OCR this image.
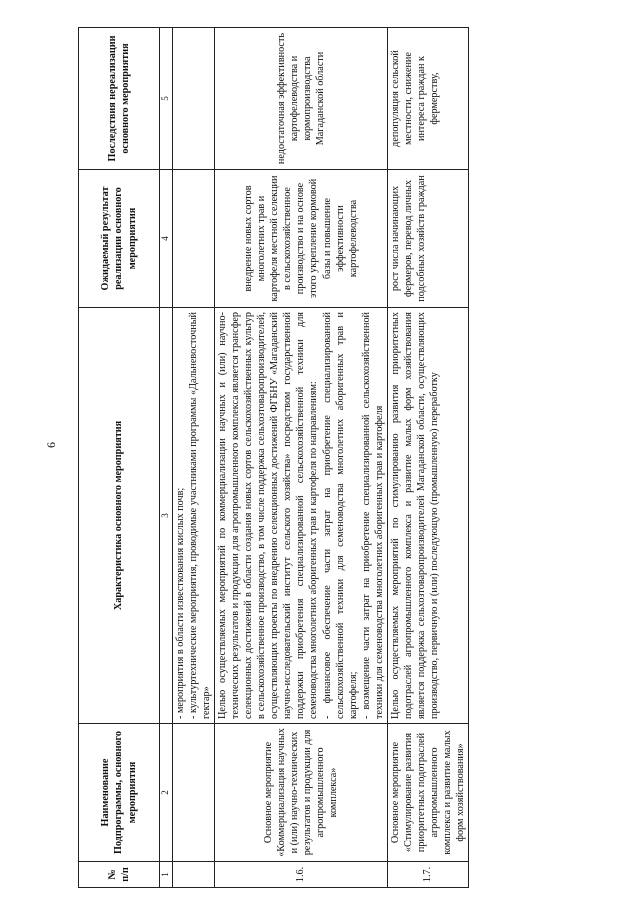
6
№ п/п	Наименование Подпрограммы, основного мероприятия	Характеристика основного мероприятия	Ожидаемый результат реализации основного мероприятия	Последствия нереализации основного мероприятия
1	2	3	4	5

		- мероприятия в области известкования кислых почв; - культуртехнические мероприятия, проводимые участниками программы «Дальневосточный гектар»		

1.6.	Основное мероприятие «Коммерциализация научных и (или) научно-технических результатов и продукции для агропромышленного комплекса»	Целью осуществляемых мероприятий по коммерциализации научных и (или) научно-технических результатов и продукции для агропромышленного комплекса является трансфер селекционных достижений в области создания новых сортов сельскохозяйственных культур в сельскохозяйственное производство, в том числе поддержка сельхозтоваропроизводителей, осуществляющих проекты по внедрению селекционных достижений ФГБНУ «Магаданский научно-исследовательский институт сельского хозяйства» посредством государственной поддержки приобретения специализированной сельскохозяйственной техники для семеноводства многолетних аборигенных трав и картофеля по направлениям: - финансовое обеспечение части затрат на приобретение специализированной сельскохозяйственной техники для семеноводства многолетних аборигенных трав и картофеля; - возмещение части затрат на приобретение специализированной сельскохозяйственной техники для семеноводства многолетних аборигенных трав и картофеля	внедрение новых сортов многолетних трав и картофеля местной селекции в сельскохозяйственное производство и на основе этого укрепление кормовой базы и повышение эффективности картофелеводства	недостаточная эффективность картофелеводства и кормопроизводства Магаданской области
1.7.	Основное мероприятие «Стимулирование развития приоритетных подотраслей агропромышленного комплекса и развитие малых форм хозяйствования»	Целью осуществляемых мероприятий по стимулированию развития приоритетных подотраслей агропромышленного комплекса и развитие малых форм хозяйствования является поддержка сельхозтоваропроизводителей Магаданской области, осуществляющих производство, первичную и (или) последующую (промышленную) переработку	рост числа начинающих фермеров, перевод личных подсобных хозяйств граждан	депопуляция сельской местности, снижение интереса граждан к фермерству,
